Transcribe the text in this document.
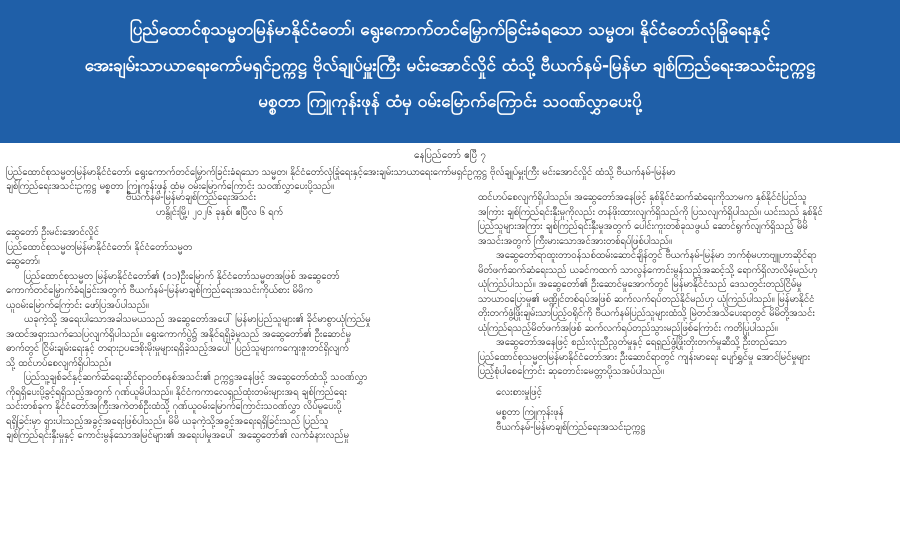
ပြည်ထောင်စုသမ္မတမြန်မာနိုင်ငံတော်၊ ရွေးကောက်တင်မြှောက်ခြင်းခံရသော သမ္မတ၊ နိုင်ငံတော်လုံခြုံရေးနှင့်
အေးချမ်းသာယာရေးကော်မရှင်ဥက္ကဋ္ဌ ဗိုလ်ချုပ်မှူးကြီး မင်းအောင်လှိုင် ထံသို့ ဗီယက်နမ်-မြန်မာ ချစ်ကြည်ရေးအသင်းဥက္ကဋ္ဌ
မစ္စတာ ကြူကုန်းဖုန် ထံမှ ဝမ်းမြောက်ကြောင်း သဝဏ်လွှာပေးပို့
နေပြည်တော် ဧပြီ ၇

ပြည်ထောင်စုသမ္မတမြန်မာနိုင်ငံတော်၊ ရွေးကောက်တင်မြှောက်ခြင်းခံရသော သမ္မတ၊ နိုင်ငံတော်လုံခြုံရေးနှင့်အေးချမ်းသာယာရေးကော်မရှင်ဥက္ကဋ္ဌ ဗိုလ်ချုပ်မှူးကြီး မင်းအောင်လှိုင် ထံသို့ ဗီယက်နမ်-မြန်မာ

ချစ်ကြည်ရေးအသင်းဥက္ကဋ္ဌ မစ္စတာ ကြူကုန်းဖုန် ထံမှ ဝမ်းမြောက်ကြောင်း သဝဏ်လွှာပေးပို့သည်။

ဗီယက်နမ်-မြန်မာချစ်ကြည်ရေးအသင်း

ဟနွိုင်းမြို့၊ ၂၀၂၆ ခုနှစ်၊ ဧပြီလ ၆ ရက်

ဆွေတော် ဦးမင်းအောင်လှိုင်

ပြည်ထောင်စုသမ္မတမြန်မာနိုင်ငံတော်၊ နိုင်ငံတော်သမ္မတ

ဆွေတော်၊

ပြည်ထောင်စုသမ္မတ မြန်မာနိုင်ငံတော်၏ (၁၁)ဦးမြောက် နိုင်ငံတော်သမ္မတအဖြစ် အဆွေတော်

ကောက်တင်မြှောက်ခံရခြင်းအတွက် ဗီယက်နမ်-မြန်မာချစ်ကြည်ရေးအသင်းကိုယ်စား မိမိက

ယူဝမ်းမြောက်ကြောင်း ဖော်ပြအပ်ပါသည်။

ယခုကဲ့သို့ အရေးပါသောအခါသမယသည် အဆွေတော်အပေါ် မြန်မာပြည်သူများ၏ ခိုင်မာစွာယုံကြည်မှု

အထင်အရှားသက်သေပြလျက်ရှိပါသည်။ ရွေးကောက်ပွဲ၌ အနိုင်ရရှိခဲ့မှုသည် အဆွေတော်၏ ဦးဆောင်မှု

ဓာက်တွင် ငြိမ်းချမ်းရေးနှင့် တရားဥပဒေစိုးမိုးမှုများရရှိခဲ့သည့်အပေါ် ပြည်သူများကကျေးဇူးတင်ရှိလျက်

သို့ ထင်ဟပ်စေလျက်ရှိပါသည်။

ပြည်သူ့ချစ်ခင်နှင့်ဆက်ဆံရေးဆိုင်ရာဝတ်စနစ်အသင်း၏ ဥက္ကဋ္ဌအနေဖြင့် အဆွေတော်ထံသို့ သဝဏ်လွှာ

ကိုရရှိပေးပို့ခွင့်ရရှိသည့်အတွက် ဂုဏ်ယူမိပါသည်။ နိုင်ငံကကာလေရှည်ထုံးတမ်းများအရ ချစ်ကြည်ရေး

သင်းတစ်ခုက နိုင်ငံတော်အကြီးအကဲတစ်ဦးထံသို့ ဂုဏ်ယူဝမ်းမြောက်ကြောင်းသဝဏ်လွှာ လိပ်မူပေးပို့

ရရှိခြင်းမှာ ရှားပါးသည့်အခွင့်အရေးဖြစ်ပါသည်။ မိမိ ယခုကဲ့သို့အခွင့်အရေးရရှိခြင်းသည် ပြည်သူ

ချစ်ကြည်ရင်းနှီးမှုနှင့် ကောင်းမွန်သောအမြင်များ၏ အရေးပါမှုအပေါ် အဆွေတော်၏ လက်ခံနားလည်မှု

ထင်ဟပ်စေလျက်ရှိပါသည်။ အဆွေတော်အနေဖြင့် နှစ်နိုင်ငံဆက်ဆံရေးကိုသာမက နှစ်နိုင်ငံပြည်သူ

အကြား ချစ်ကြည်ရင်းနှီးမှုကိုလည်း တန်ဖိုးထားလျက်ရှိသည်ကို ပြသလျက်ရှိပါသည်။ ယင်းသည် နှစ်နိုင်

ပြည်သူများအကြား ချစ်ကြည်ရင်းနှီးမှုအတွက် ပေါင်းကူးတစ်ခုသဖွယ် ဆောင်ရွက်လျက်ရှိသည့် မိမိ

အသင်းအတွက် ကြီးမားသောအင်အားတစ်ရပ်ဖြစ်ပါသည်။

အဆွေတော်ရာထူးတာဝန်သစ်ထမ်းဆောင်ချိန်တွင် ဗီယက်နမ်-မြန်မာ ဘက်စုံမဟာဗျူဟာဆိုင်ရာ

မိတ်ဖက်ဆက်ဆံရေးသည် ယခင်ကထက် သာလွန်ကောင်းမွန်သည့်အဆင့်သို့ ရောက်ရှိလာလိမ့်မည်ဟု

ယုံကြည်ပါသည်။ အဆွေတော်၏ ဦးဆောင်မှုအောက်တွင် မြန်မာနိုင်ငံသည် ဒေသတွင်းတည်ငြိမ်မှု

သာယာဝပြောမှု၏ မဏ္ဍိုင်တစ်ရပ်အဖြစ် ဆက်လက်ရပ်တည်နိုင်မည်ဟု ယုံကြည်ပါသည်။ မြန်မာနိုင်ငံ

တိုးတက်ဖွံ့ဖြိုးချမ်းသာပြည့်ဝရိုင်ကို ဗီယက်နမ်ပြည်သူများထံသို့ မြဲတင်အသိပေးရာတွင် မိမိတို့အသင်း

ယုံကြည်ရသည့်မိတ်ဖက်အဖြစ် ဆက်လက်ရပ်တည်သွားမည်ဖြစ်ကြောင်း ကတိပြုပါသည်။

အဆွေတော်အနေဖြင့် စည်းလုံးညီညွတ်မှုနှင့် ရေရှည်ဖွံ့ဖြိုးတိုးတက်မှုဆီသို့ ဦးတည်သော

ပြည်ထောင်စုသမ္မတမြန်မာနိုင်ငံတော်အား ဦးဆောင်ရာတွင် ကျန်းမာရေး ပျော်ရွှင်မှု အောင်မြင်မှုများ

ပြည့်စုံပါစေကြောင်း ဆုတောင်းမေတ္တာပို့သအပ်ပါသည်။

လေးစားမှုဖြင့်

မစ္စတာ ကြူကုန်းဖုန်

ဗီယက်နမ်-မြန်မာချစ်ကြည်ရေးအသင်းဥက္ကဋ္ဌ
